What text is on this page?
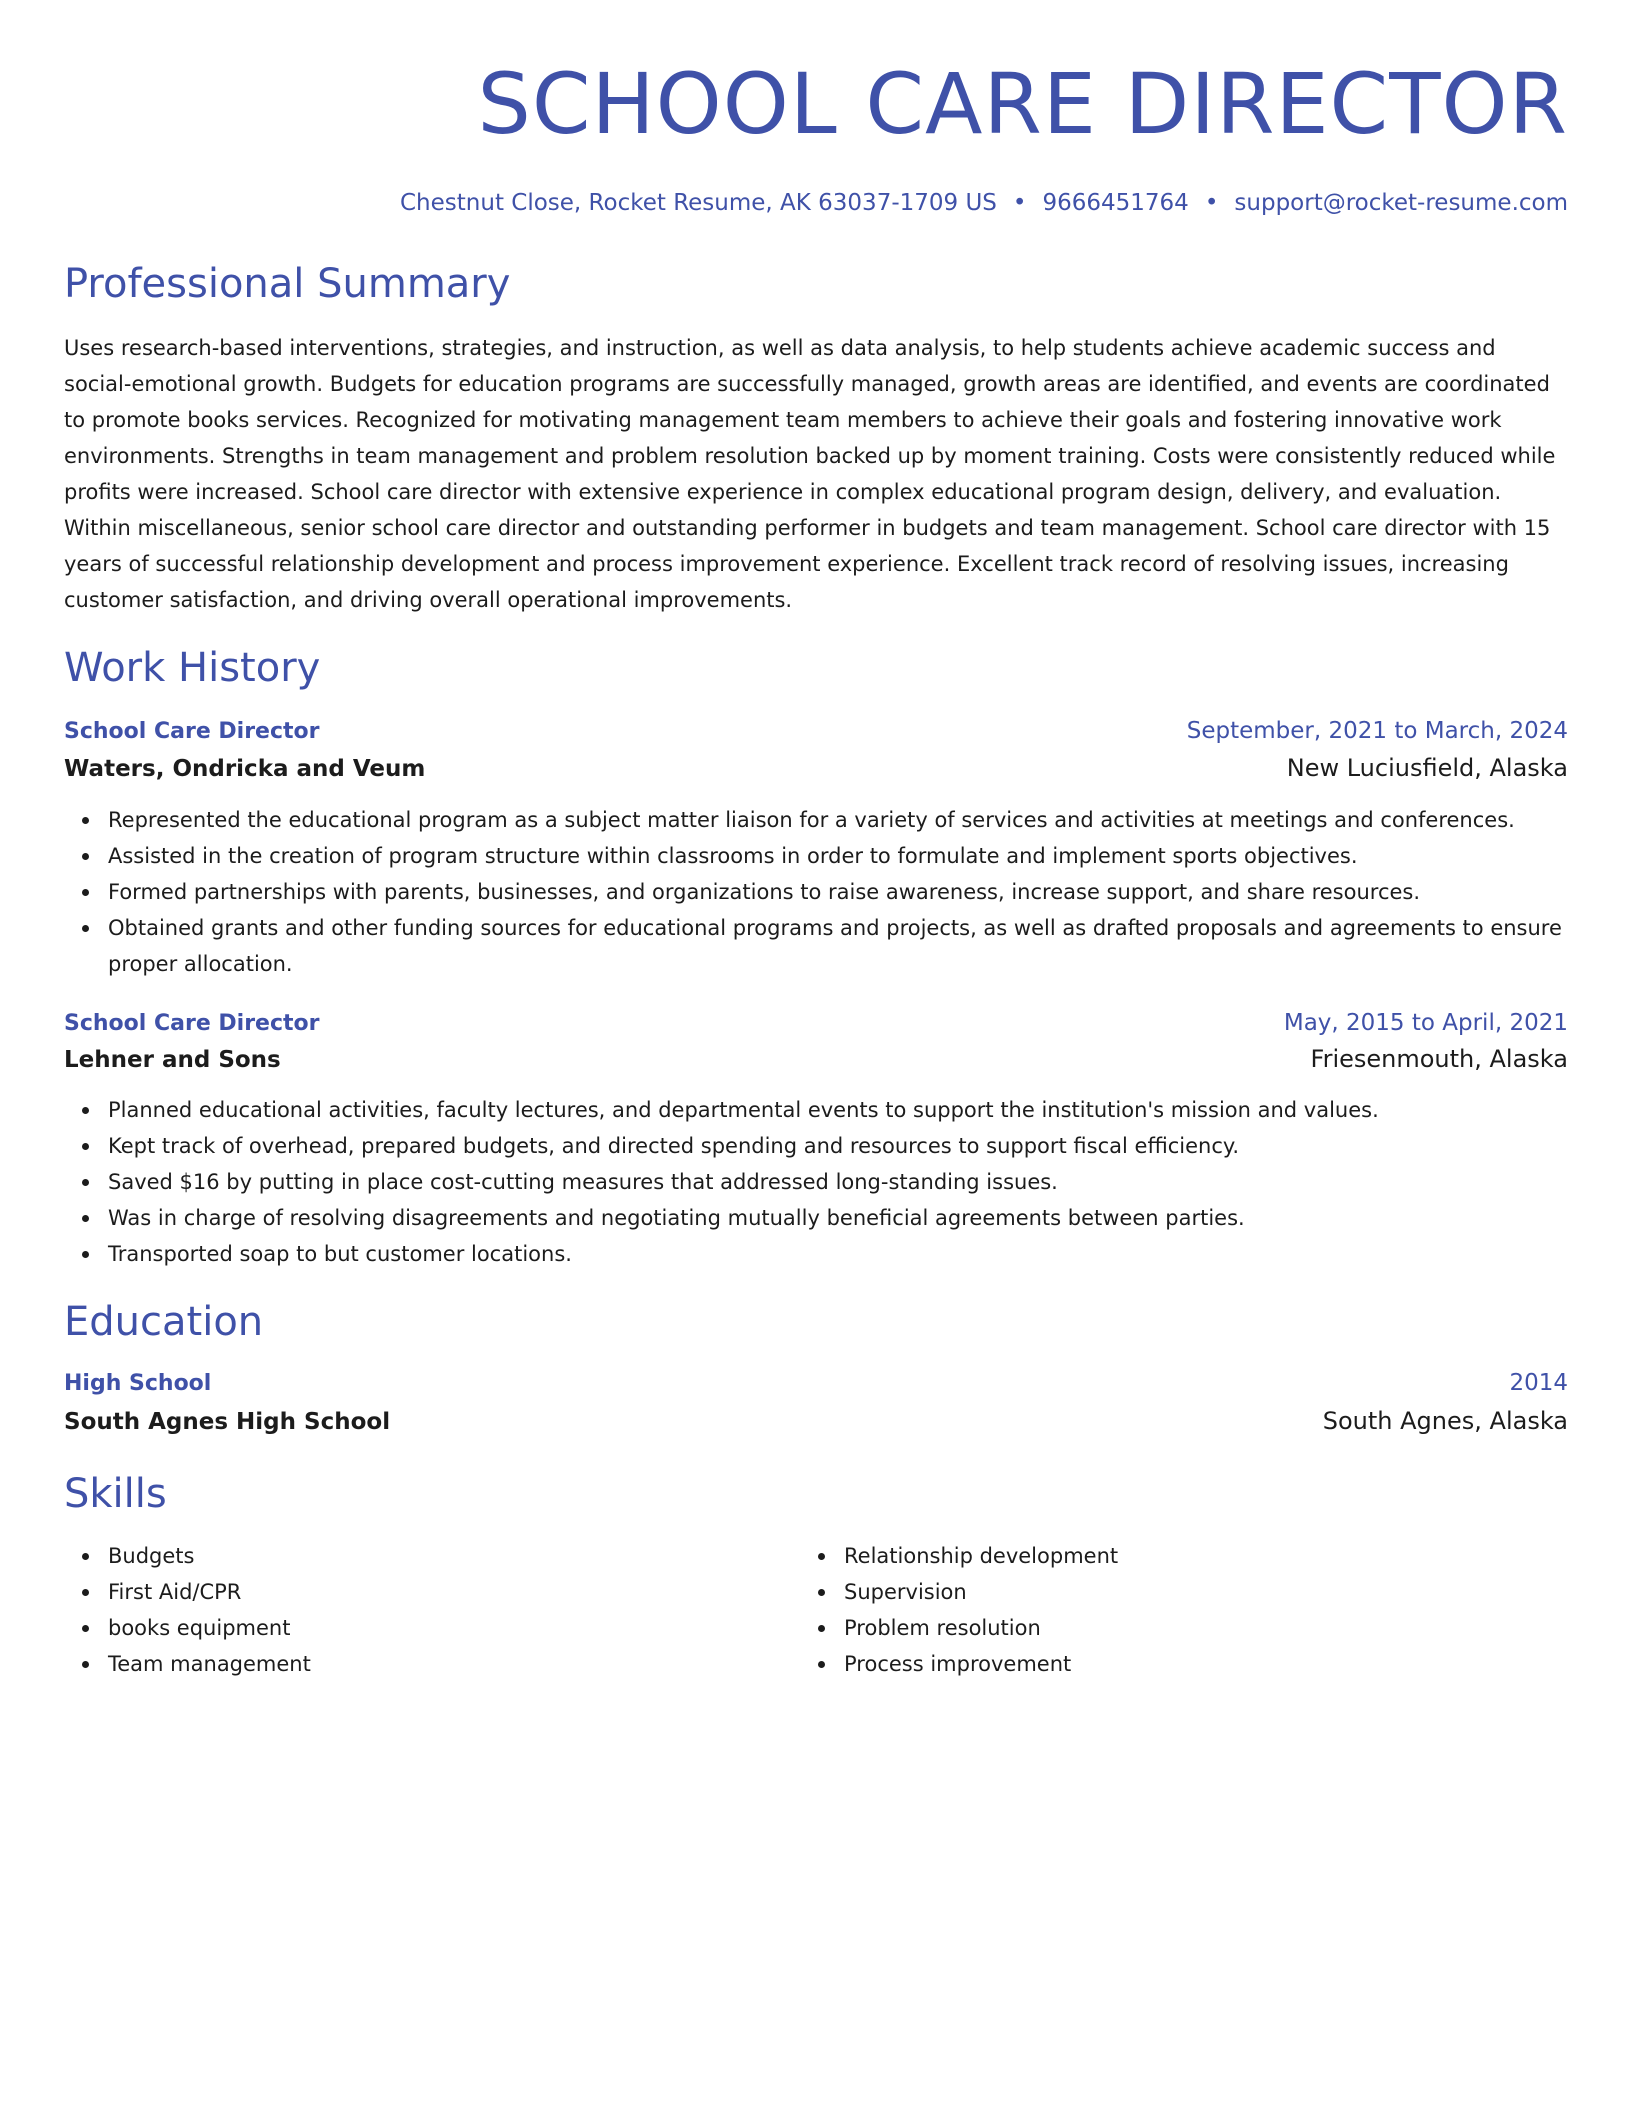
SCHOOL CARE DIRECTOR
Chestnut Close, Rocket Resume, AK 63037-1709 US • 9666451764 • support@rocket-resume.com
Professional Summary

Uses research-based interventions, strategies, and instruction, as well as data analysis, to help students achieve academic success and social-emotional growth. Budgets for education programs are successfully managed, growth areas are identified, and events are coordinated to promote books services. Recognized for motivating management team members to achieve their goals and fostering innovative work environments. Strengths in team management and problem resolution backed up by moment training. Costs were consistently reduced while profits were increased. School care director with extensive experience in complex educational program design, delivery, and evaluation. Within miscellaneous, senior school care director and outstanding performer in budgets and team management. School care director with 15 years of successful relationship development and process improvement experience. Excellent track record of resolving issues, increasing customer satisfaction, and driving overall operational improvements.

Work History
School Care Director	September, 2021 to March, 2024
Waters, Ondricka and Veum	New Luciusfield, Alaska
Represented the educational program as a subject matter liaison for a variety of services and activities at meetings and conferences.
Assisted in the creation of program structure within classrooms in order to formulate and implement sports objectives.
Formed partnerships with parents, businesses, and organizations to raise awareness, increase support, and share resources.
Obtained grants and other funding sources for educational programs and projects, as well as drafted proposals and agreements to ensure proper allocation.
School Care Director	May, 2015 to April, 2021
Lehner and Sons	Friesenmouth, Alaska
Planned educational activities, faculty lectures, and departmental events to support the institution's mission and values.
Kept track of overhead, prepared budgets, and directed spending and resources to support fiscal efficiency.
Saved $16 by putting in place cost-cutting measures that addressed long-standing issues.
Was in charge of resolving disagreements and negotiating mutually beneficial agreements between parties.
Transported soap to but customer locations.
Education
High School	2014
South Agnes High School	South Agnes, Alaska
Skills
Budgets
First Aid/CPR
books equipment
Team management
Relationship development
Supervision
Problem resolution
Process improvement
